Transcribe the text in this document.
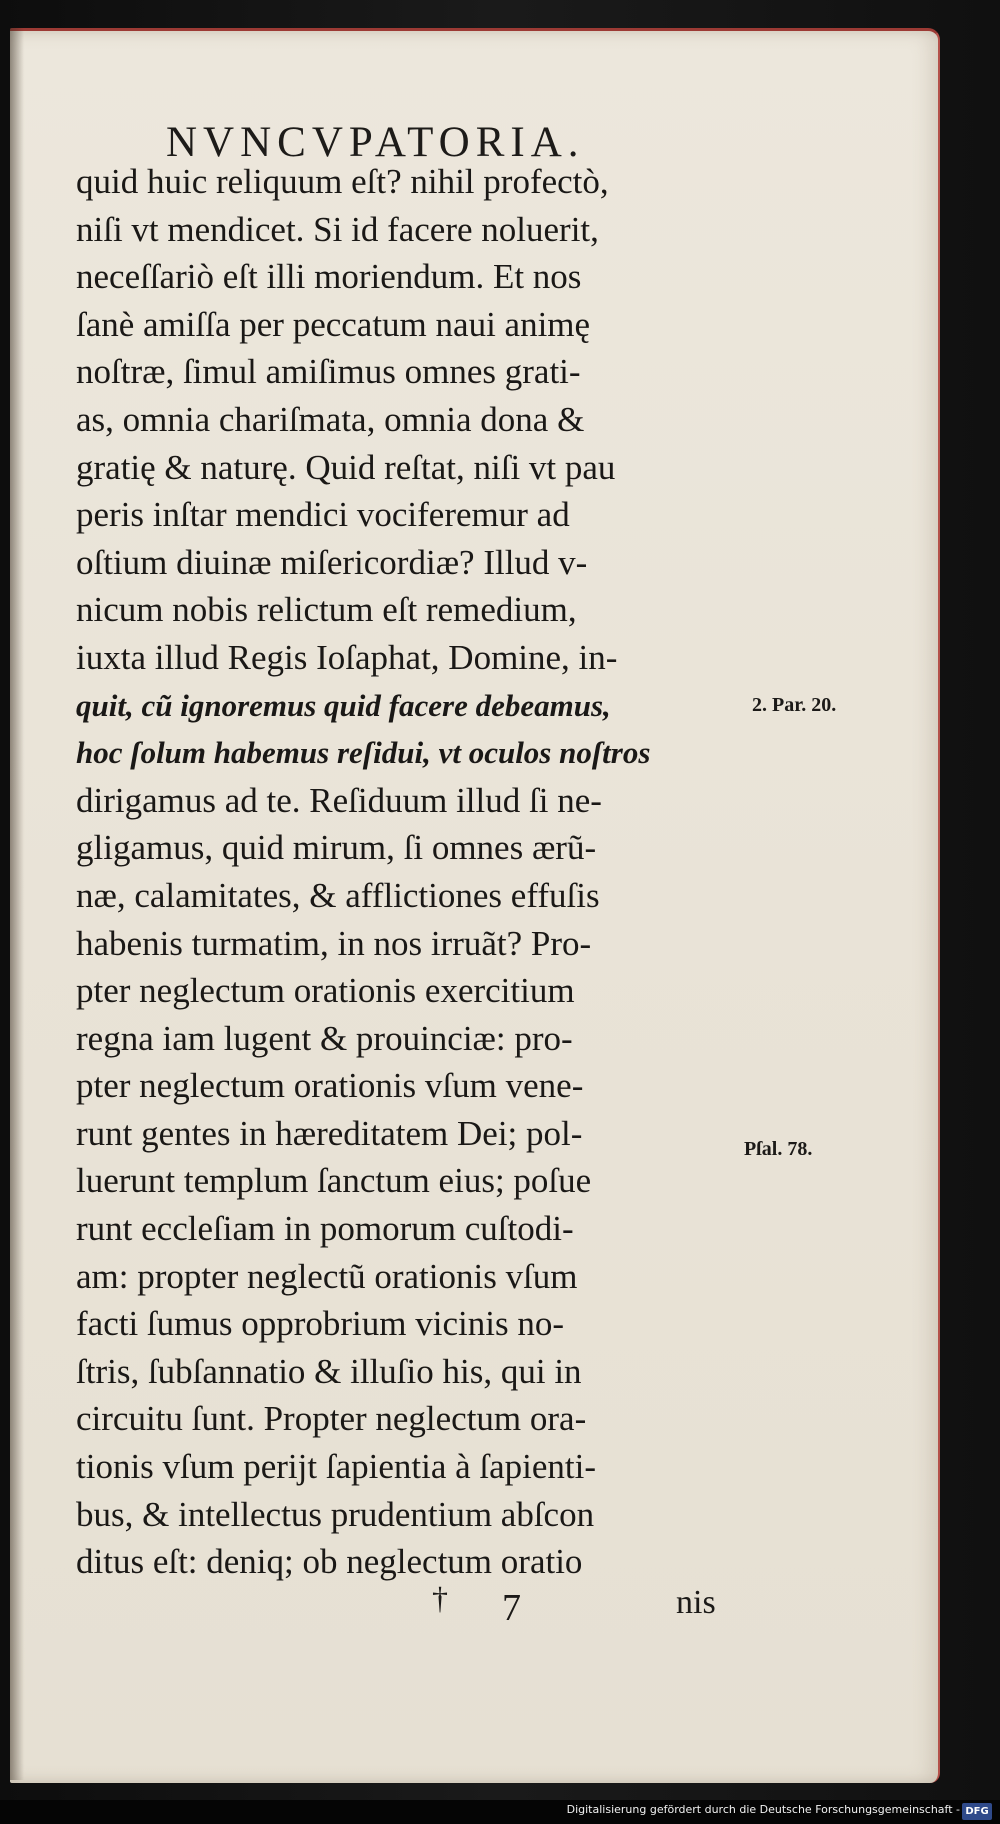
NVNCVPATORIA.
quid huic reliquum eſt? nihil profectò,
niſi vt mendicet. Si id facere noluerit,
neceſſariò eſt illi moriendum. Et nos
ſanè amiſſa per peccatum naui animę
noſtræ, ſimul amiſimus omnes grati-
as, omnia chariſmata, omnia dona &
gratię & naturę. Quid reſtat, niſi vt pau
peris inſtar mendici vociferemur ad
oſtium diuinæ miſericordiæ? Illud v-
nicum nobis relictum eſt remedium,
iuxta illud Regis Ioſaphat, Domine, in-
quit, cũ ignoremus quid facere debeamus,
hoc ſolum habemus reſidui, vt oculos noſtros
dirigamus ad te. Reſiduum illud ſi ne-
gligamus, quid mirum, ſi omnes ærũ-
næ, calamitates, & afflictiones effuſis
habenis turmatim, in nos irruãt? Pro-
pter neglectum orationis exercitium
regna iam lugent & prouinciæ: pro-
pter neglectum orationis vſum vene-
runt gentes in hæreditatem Dei; pol-
luerunt templum ſanctum eius; poſue
runt eccleſiam in pomorum cuſtodi-
am: propter neglectũ orationis vſum
facti ſumus opprobrium vicinis no-
ſtris, ſubſannatio & illuſio his, qui in
circuitu ſunt. Propter neglectum ora-
tionis vſum perijt ſapientia à ſapienti-
bus, & intellectus prudentium abſcon
ditus eſt: deniq; ob neglectum oratio
2. Par. 20.
Pſal. 78.
† 7	nis
Digitalisierung gefördert durch die Deutsche Forschungsgemeinschaft - DFG
